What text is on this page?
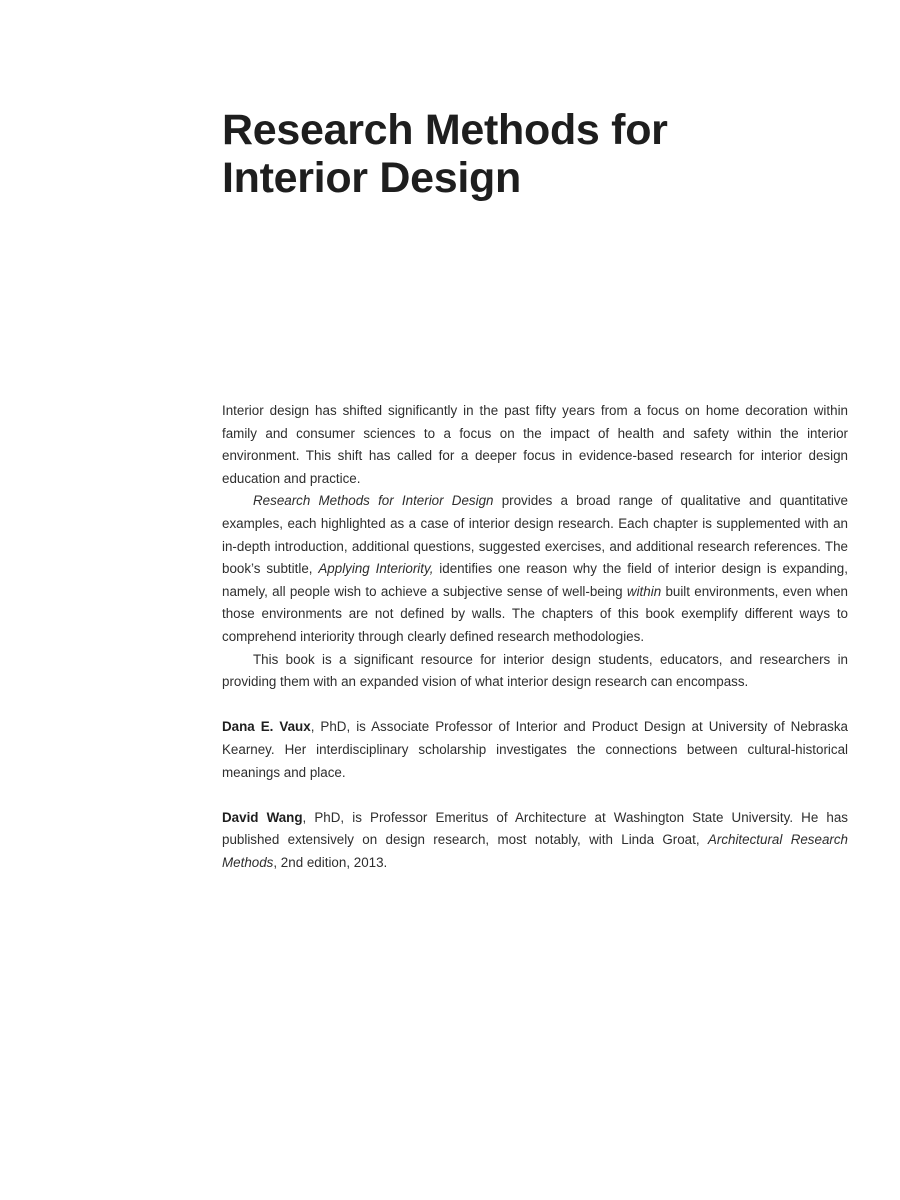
Research Methods for
Interior Design

Interior design has shifted significantly in the past fifty years from a focus on home decoration within family and consumer sciences to a focus on the impact of health and safety within the interior environment. This shift has called for a deeper focus in evidence-based research for interior design education and practice.

Research Methods for Interior Design provides a broad range of qualitative and quantitative examples, each highlighted as a case of interior design research. Each chapter is supplemented with an in-depth introduction, additional questions, suggested exercises, and additional research references. The book’s subtitle, Applying Interiority, identifies one reason why the field of interior design is expanding, namely, all people wish to achieve a subjective sense of well-being within built environments, even when those environments are not defined by walls. The chapters of this book exemplify different ways to comprehend interiority through clearly defined research methodologies.

This book is a significant resource for interior design students, educators, and researchers in providing them with an expanded vision of what interior design research can encompass.

Dana E. Vaux, PhD, is Associate Professor of Interior and Product Design at University of Nebraska Kearney. Her interdisciplinary scholarship investigates the connections between cultural-historical meanings and place.

David Wang, PhD, is Professor Emeritus of Architecture at Washington State University. He has published extensively on design research, most notably, with Linda Groat, Architectural Research Methods, 2nd edition, 2013.
